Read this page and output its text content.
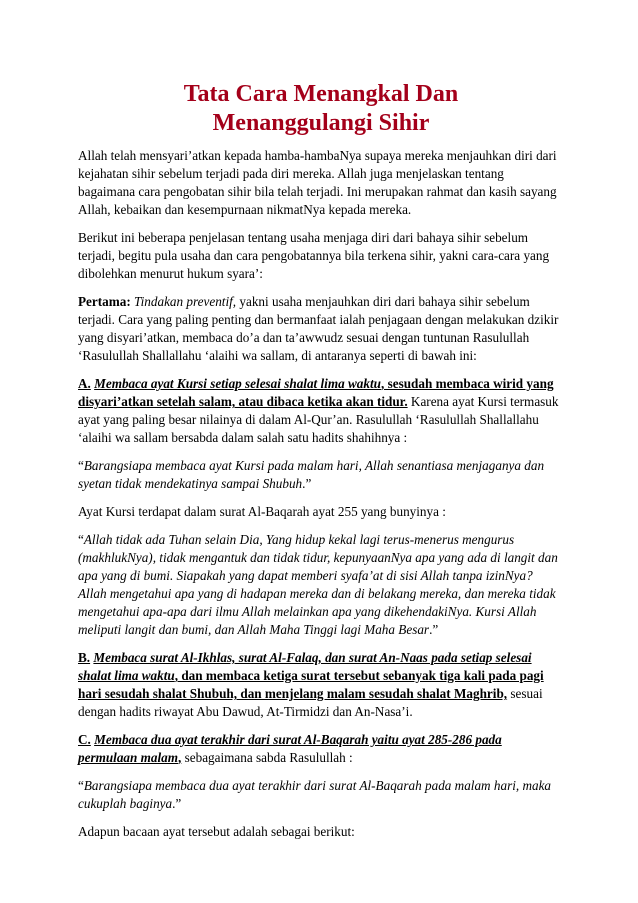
Tata Cara Menangkal Dan
Menanggulangi Sihir

Allah telah mensyari’atkan kepada hamba-hambaNya supaya mereka menjauhkan diri dari kejahatan sihir sebelum terjadi pada diri mereka. Allah juga menjelaskan tentang bagaimana cara pengobatan sihir bila telah terjadi. Ini merupakan rahmat dan kasih sayang Allah, kebaikan dan kesempurnaan nikmatNya kepada mereka.

Berikut ini beberapa penjelasan tentang usaha menjaga diri dari bahaya sihir sebelum terjadi, begitu pula usaha dan cara pengobatannya bila terkena sihir, yakni cara-cara yang dibolehkan menurut hukum syara’:

Pertama: Tindakan preventif, yakni usaha menjauhkan diri dari bahaya sihir sebelum terjadi. Cara yang paling penting dan bermanfaat ialah penjagaan dengan melakukan dzikir yang disyari’atkan, membaca do’a dan ta’awwudz sesuai dengan tuntunan Rasulullah ‘Rasulullah Shallallahu ‘alaihi wa sallam, di antaranya seperti di bawah ini:

A. Membaca ayat Kursi setiap selesai shalat lima waktu, sesudah membaca wirid yang disyari’atkan setelah salam, atau dibaca ketika akan tidur. Karena ayat Kursi termasuk ayat yang paling besar nilainya di dalam Al-Qur’an. Rasulullah ‘Rasulullah Shallallahu ‘alaihi wa sallam bersabda dalam salah satu hadits shahihnya :

“Barangsiapa membaca ayat Kursi pada malam hari, Allah senantiasa menjaganya dan syetan tidak mendekatinya sampai Shubuh.”

Ayat Kursi terdapat dalam surat Al-Baqarah ayat 255 yang bunyinya :

“Allah tidak ada Tuhan selain Dia, Yang hidup kekal lagi terus-menerus mengurus (makhlukNya), tidak mengantuk dan tidak tidur, kepunyaanNya apa yang ada di langit dan apa yang di bumi. Siapakah yang dapat memberi syafa’at di sisi Allah tanpa izinNya? Allah mengetahui apa yang di hadapan mereka dan di belakang mereka, dan mereka tidak mengetahui apa-apa dari ilmu Allah melainkan apa yang dikehendakiNya. Kursi Allah meliputi langit dan bumi, dan Allah Maha Tinggi lagi Maha Besar.”

B. Membaca surat Al-Ikhlas, surat Al-Falaq, dan surat An-Naas pada setiap selesai shalat lima waktu, dan membaca ketiga surat tersebut sebanyak tiga kali pada pagi hari sesudah shalat Shubuh, dan menjelang malam sesudah shalat Maghrib, sesuai dengan hadits riwayat Abu Dawud, At-Tirmidzi dan An-Nasa’i.

C. Membaca dua ayat terakhir dari surat Al-Baqarah yaitu ayat 285-286 pada permulaan malam, sebagaimana sabda Rasulullah :

“Barangsiapa membaca dua ayat terakhir dari surat Al-Baqarah pada malam hari, maka cukuplah baginya.”

Adapun bacaan ayat tersebut adalah sebagai berikut:
